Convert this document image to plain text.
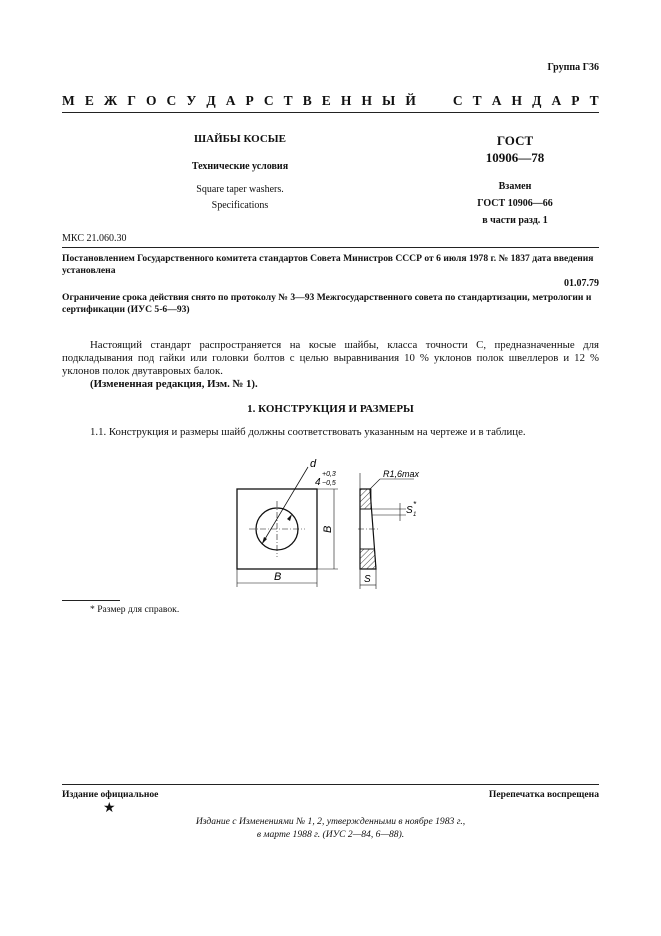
Группа Г36
М Е Ж Г О С У Д А Р С Т В Е Н Н Ы Й

	С Т А Н Д А Р Т
ШАЙБЫ КОСЫЕ
Технические условия
Square taper washers.
Specifications
ГОСТ
10906—78
Взамен
ГОСТ 10906—66
в части разд. 1
МКС 21.060.30
Постановлением Государственного комитета стандартов Совета Министров СССР от 6 июля 1978 г. № 1837 дата введения установлена
01.07.79
Ограничение срока действия снято по протоколу № 3—93 Межгосударственного совета по стандартизации, метрологии и сертификации (ИУС 5-6—93)
Настоящий стандарт распространяется на косые шайбы, класса точности С, предназначенные для подкладывания под гайки или головки болтов с целью выравнивания 10 % уклонов полок швеллеров и 12 % уклонов полок двутавровых балок.
(Измененная редакция, Изм. № 1).
1. КОНСТРУКЦИЯ И РАЗМЕРЫ
1.1. Конструкция и размеры шайб должны соответствовать указанным на чертеже и в таблице.
d
B
B
4
+0,3
−0,5
R1,6max
S 1
*
S
* Размер для справок.
Издание официальное	Перепечатка воспрещена
★
Издание с Изменениями № 1, 2, утвержденными в ноябре 1983 г.,
в марте 1988 г. (ИУС 2—84, 6—88).
